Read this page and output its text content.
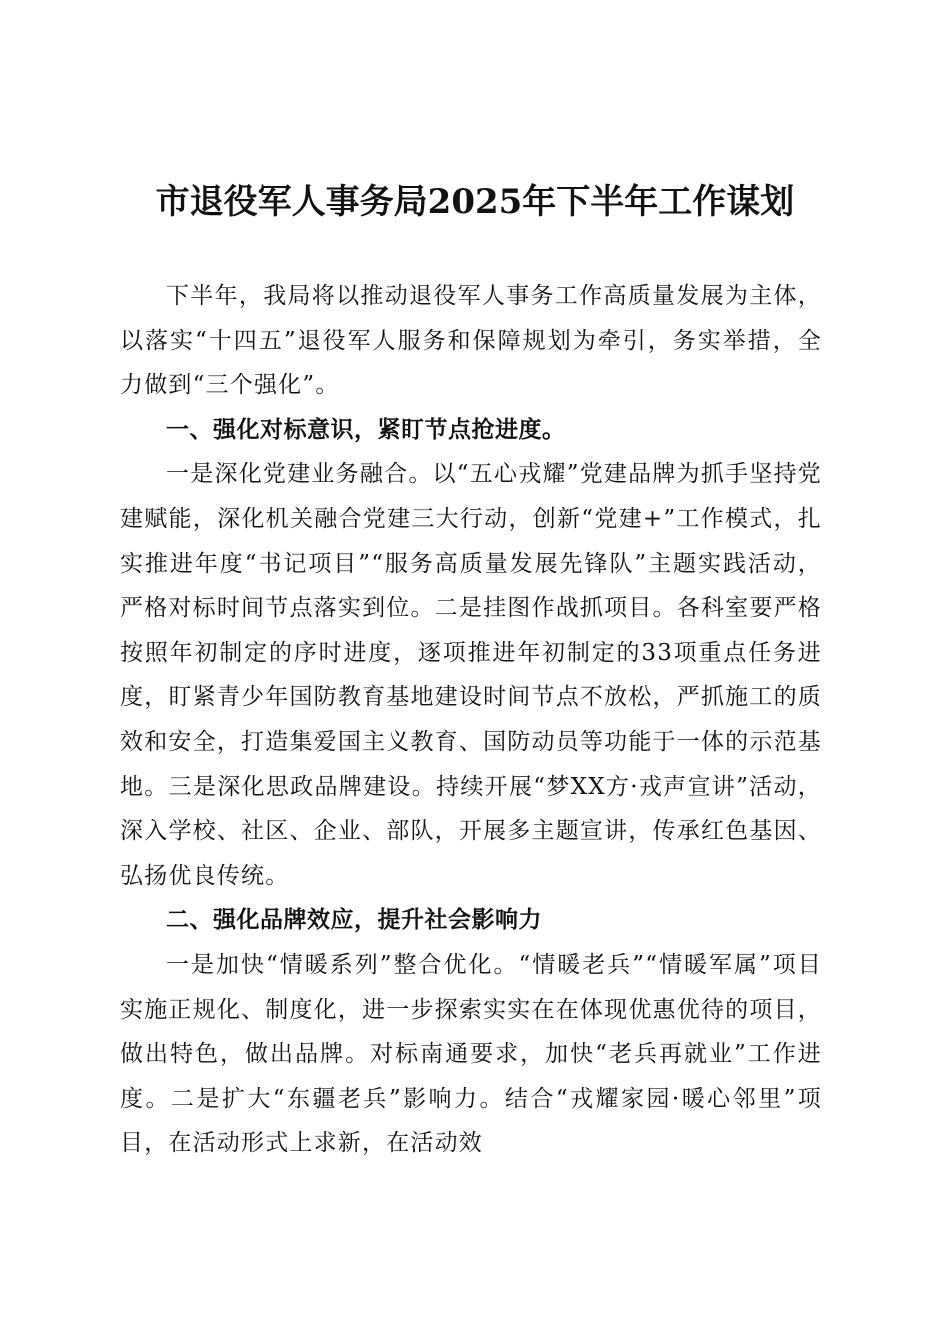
市退役军人事务局2025年下半年工作谋划

下半年，我局将以推动退役军人事务工作高质量发展为主体，以落实“十四五”退役军人服务和保障规划为牵引，务实举措，全力做到“三个强化”。

一、强化对标意识，紧盯节点抢进度。

一是深化党建业务融合。以“五心戎耀”党建品牌为抓手坚持党建赋能，深化机关融合党建三大行动，创新“党建+”工作模式，扎实推进年度“书记项目”“服务高质量发展先锋队”主题实践活动，严格对标时间节点落实到位。二是挂图作战抓项目。各科室要严格按照年初制定的序时进度，逐项推进年初制定的33项重点任务进度，盯紧青少年国防教育基地建设时间节点不放松，严抓施工的质效和安全，打造集爱国主义教育、国防动员等功能于一体的示范基地。三是深化思政品牌建设。持续开展“梦XX方·戎声宣讲”活动，深入学校、社区、企业、部队，开展多主题宣讲，传承红色基因、弘扬优良传统。

二、强化品牌效应，提升社会影响力

一是加快“情暖系列”整合优化。“情暖老兵”“情暖军属”项目实施正规化、制度化，进一步探索实实在在体现优惠优待的项目，做出特色，做出品牌。对标南通要求，加快“老兵再就业”工作进度。二是扩大“东疆老兵”影响力。结合“戎耀家园·暖心邻里”项目，在活动形式上求新，在活动效
